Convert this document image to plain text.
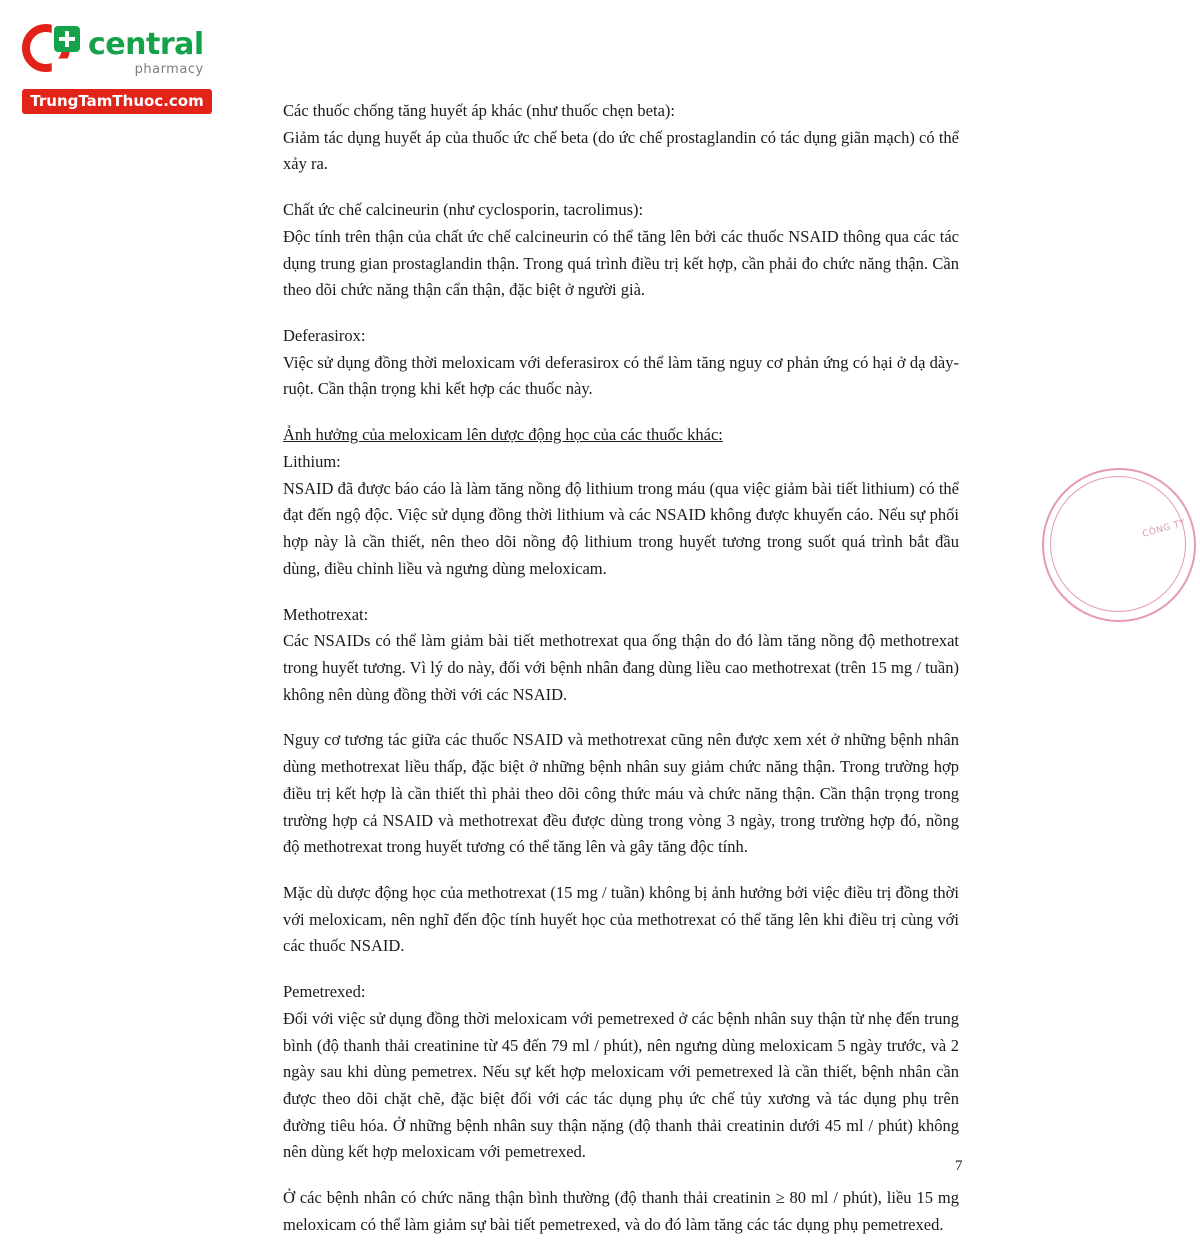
central
pharmacy
TrungTamThuoc.com	Các thuốc chống tăng huyết áp khác (như thuốc chẹn beta):

Giảm tác dụng huyết áp của thuốc ức chế beta (do ức chế prostaglandin có tác dụng giãn mạch) có thể xảy ra.

Chất ức chế calcineurin (như cyclosporin, tacrolimus):

Độc tính trên thận của chất ức chế calcineurin có thể tăng lên bởi các thuốc NSAID thông qua các tác dụng trung gian prostaglandin thận. Trong quá trình điều trị kết hợp, cần phải đo chức năng thận. Cần theo dõi chức năng thận cẩn thận, đặc biệt ở người già.

Deferasirox:

Việc sử dụng đồng thời meloxicam với deferasirox có thể làm tăng nguy cơ phản ứng có hại ở dạ dày-ruột. Cần thận trọng khi kết hợp các thuốc này.

Ảnh hưởng của meloxicam lên dược động học của các thuốc khác:
Lithium:

NSAID đã được báo cáo là làm tăng nồng độ lithium trong máu (qua việc giảm bài tiết lithium) có thể đạt đến ngộ độc. Việc sử dụng đồng thời lithium và các NSAID không được khuyến cáo. Nếu sự phối hợp này là cần thiết, nên theo dõi nồng độ lithium trong huyết tương trong suốt quá trình bắt đầu dùng, điều chỉnh liều và ngưng dùng meloxicam.

Methotrexat:

Các NSAIDs có thể làm giảm bài tiết methotrexat qua ống thận do đó làm tăng nồng độ methotrexat trong huyết tương. Vì lý do này, đối với bệnh nhân đang dùng liều cao methotrexat (trên 15 mg / tuần) không nên dùng đồng thời với các NSAID.

Nguy cơ tương tác giữa các thuốc NSAID và methotrexat cũng nên được xem xét ở những bệnh nhân dùng methotrexat liều thấp, đặc biệt ở những bệnh nhân suy giảm chức năng thận. Trong trường hợp điều trị kết hợp là cần thiết thì phải theo dõi công thức máu và chức năng thận. Cần thận trọng trong trường hợp cả NSAID và methotrexat đều được dùng trong vòng 3 ngày, trong trường hợp đó, nồng độ methotrexat trong huyết tương có thể tăng lên và gây tăng độc tính.

Mặc dù dược động học của methotrexat (15 mg / tuần) không bị ảnh hưởng bởi việc điều trị đồng thời với meloxicam, nên nghĩ đến độc tính huyết học của methotrexat có thể tăng lên khi điều trị cùng với các thuốc NSAID.

Pemetrexed:

Đối với việc sử dụng đồng thời meloxicam với pemetrexed ở các bệnh nhân suy thận từ nhẹ đến trung bình (độ thanh thải creatinine từ 45 đến 79 ml / phút), nên ngưng dùng meloxicam 5 ngày trước, và 2 ngày sau khi dùng pemetrex. Nếu sự kết hợp meloxicam với pemetrexed là cần thiết, bệnh nhân cần được theo dõi chặt chẽ, đặc biệt đối với các tác dụng phụ ức chế tủy xương và tác dụng phụ trên đường tiêu hóa. Ở những bệnh nhân suy thận nặng (độ thanh thải creatinin dưới 45 ml / phút) không nên dùng kết hợp meloxicam với pemetrexed.

Ở các bệnh nhân có chức năng thận bình thường (độ thanh thải creatinin ≥ 80 ml / phút), liều 15 mg meloxicam có thể làm giảm sự bài tiết pemetrexed, và do đó làm tăng các tác dụng phụ pemetrexed.

CÔNG TY
7
